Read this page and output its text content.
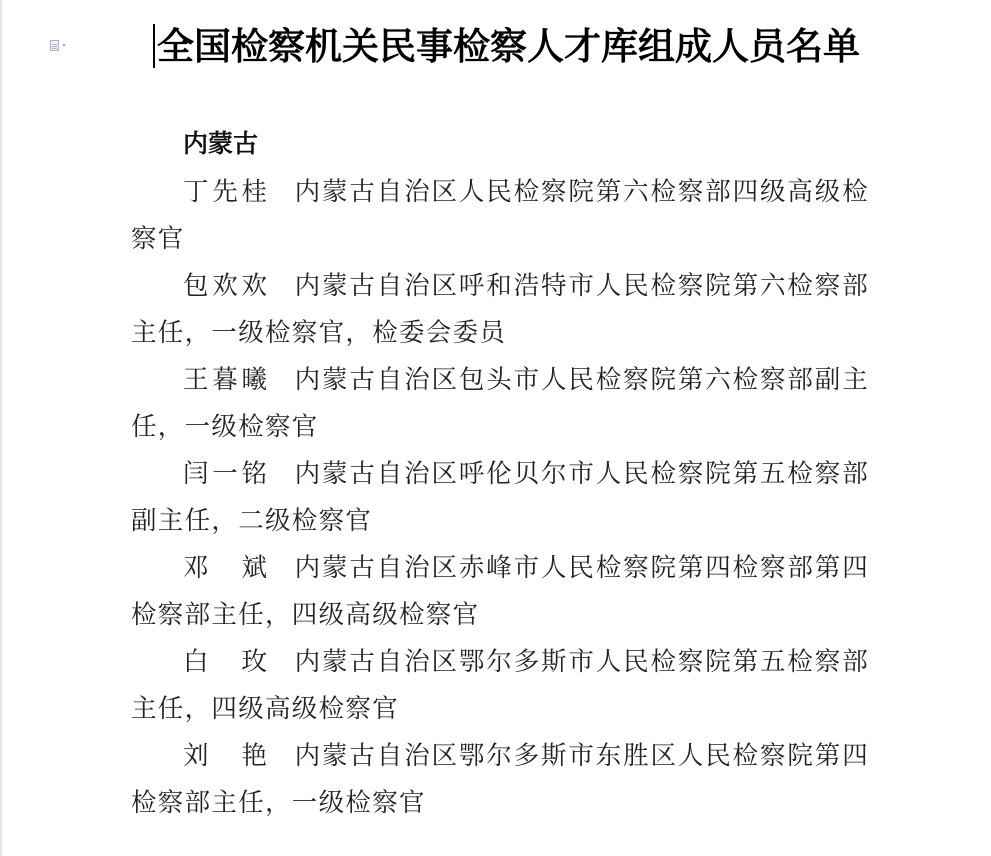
全国检察机关民事检察人才库组成人员名单

内蒙古

丁先桂 内蒙古自治区人民检察院第六检察部四级高级检察官

包欢欢 内蒙古自治区呼和浩特市人民检察院第六检察部主任，一级检察官，检委会委员

王暮曦 内蒙古自治区包头市人民检察院第六检察部副主任，一级检察官

闫一铭 内蒙古自治区呼伦贝尔市人民检察院第五检察部副主任，二级检察官

邓　斌 内蒙古自治区赤峰市人民检察院第四检察部第四检察部主任，四级高级检察官

白　玫 内蒙古自治区鄂尔多斯市人民检察院第五检察部主任，四级高级检察官

刘　艳 内蒙古自治区鄂尔多斯市东胜区人民检察院第四检察部主任，一级检察官
